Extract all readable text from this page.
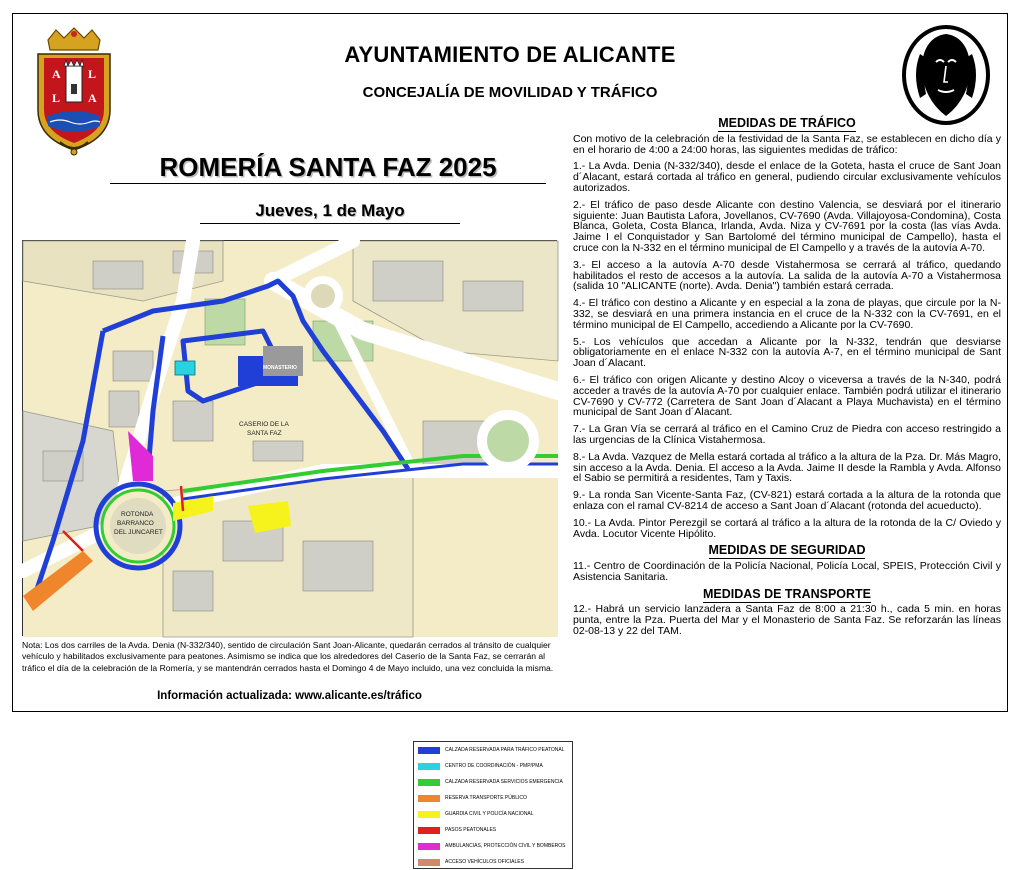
A L
L A
AYUNTAMIENTO DE ALICANTE
CONCEJALÍA DE MOVILIDAD Y TRÁFICO
ROMERÍA SANTA FAZ 2025
Jueves, 1 de Mayo
MONASTERIO
CASERIO DE LA
SANTA FAZ
ROTONDA
BARRANCO
DEL JUNCARET
CALZADA RESERVADA PARA TRÁFICO PEATONAL
CENTRO DE COORDINACIÓN - PMP/PMA
CALZADA RESERVADA SERVICIOS EMERGENCIA
RESERVA TRANSPORTE PÚBLICO
GUARDIA CIVIL Y POLICÍA NACIONAL
PASOS PEATONALES
AMBULANCIAS, PROTECCIÓN CIVIL Y BOMBEROS
ACCESO VEHÍCULOS OFICIALES
Nota: Los dos carriles de la Avda. Denia (N-332/340), sentido de circulación Sant Joan-Alicante, quedarán cerrados al tránsito de cualquier vehículo y habilitados exclusivamente para peatones. Asimismo se indica que los alrededores del Caserío de la Santa Faz, se cerrarán al tráfico el día de la celebración de la Romería, y se mantendrán cerrados hasta el Domingo 4 de Mayo incluido, una vez concluida la misma.
Información actualizada: www.alicante.es/tráfico
MEDIDAS DE TRÁFICO

Con motivo de la celebración de la festividad de la Santa Faz, se establecen en dicho día y en el horario de 4:00 a 24:00 horas, las siguientes medidas de tráfico:

1.- La Avda. Denia (N-332/340), desde el enlace de la Goteta, hasta el cruce de Sant Joan d´Alacant, estará cortada al tráfico en general, pudiendo circular exclusivamente vehículos autorizados.

2.- El tráfico de paso desde Alicante con destino Valencia, se desviará por el itinerario siguiente: Juan Bautista Lafora, Jovellanos, CV-7690 (Avda. Villajoyosa-Condomina), Costa Blanca, Goleta, Costa Blanca, Irlanda, Avda. Niza y CV-7691 por la costa (las vías Avda. Jaime I el Conquistador y San Bartolomé del término municipal de Campello), hasta el cruce con la N-332 en el término municipal de El Campello y a través de la autovía A-70.

3.- El acceso a la autovía A-70 desde Vistahermosa se cerrará al tráfico, quedando habilitados el resto de accesos a la autovía. La salida de la autovía A-70 a Vistahermosa (salida 10 "ALICANTE (norte). Avda. Denia") también estará cerrada.

4.- El tráfico con destino a Alicante y en especial a la zona de playas, que circule por la N-332, se desviará en una primera instancia en el cruce de la N-332 con la CV-7691, en el término municipal de El Campello, accediendo a Alicante por la CV-7690.

5.- Los vehículos que accedan a Alicante por la N-332, tendrán que desviarse obligatoriamente en el enlace N-332 con la autovía A-7, en el término municipal de Sant Joan d´Alacant.

6.- El tráfico con origen Alicante y destino Alcoy o viceversa a través de la N-340, podrá acceder a través de la autovía A-70 por cualquier enlace. También podrá utilizar el itinerario CV-7690 y CV-772 (Carretera de Sant Joan d´Alacant a Playa Muchavista) en el término municipal de Sant Joan d´Alacant.

7.- La Gran Vía se cerrará al tráfico en el Camino Cruz de Piedra con acceso restringido a las urgencias de la Clínica Vistahermosa.

8.- La Avda. Vazquez de Mella estará cortada al tráfico a la altura de la Pza. Dr. Más Magro, sin acceso a la Avda. Denia. El acceso a la Avda. Jaime II desde la Rambla y Avda. Alfonso el Sabio se permitirá a residentes, Tam y Taxis.

9.- La ronda San Vicente-Santa Faz, (CV-821) estará cortada a la altura de la rotonda que enlaza con el ramal CV-8214 de acceso a Sant Joan d´Alacant (rotonda del acueducto).

10.- La Avda. Pintor Perezgil se cortará al tráfico a la altura de la rotonda de la C/ Oviedo y Avda. Locutor Vicente Hipólito.

MEDIDAS DE SEGURIDAD

11.- Centro de Coordinación de la Policía Nacional, Policía Local, SPEIS, Protección Civil y Asistencia Sanitaria.

MEDIDAS DE TRANSPORTE

12.- Habrá un servicio lanzadera a Santa Faz de 8:00 a 21:30 h., cada 5 min. en horas punta, entre la Pza. Puerta del Mar y el Monasterio de Santa Faz. Se reforzarán las líneas 02-08-13 y 22 del TAM.
